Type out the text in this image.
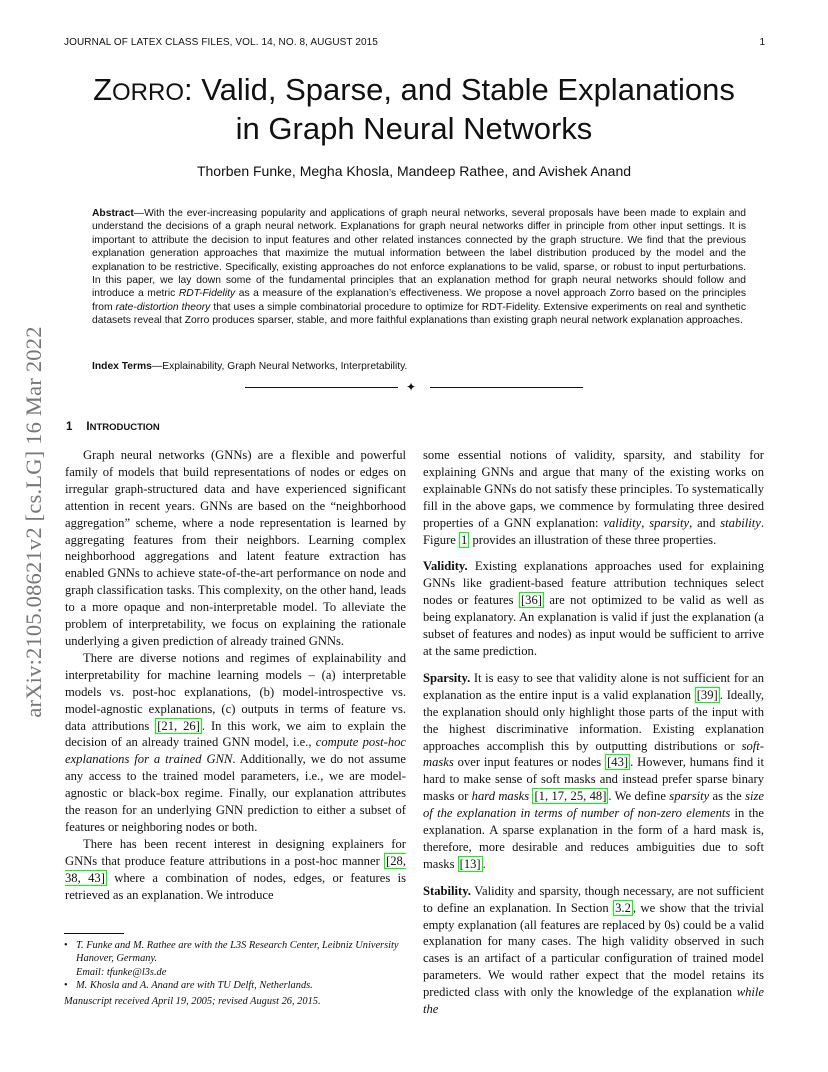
JOURNAL OF LATEX CLASS FILES, VOL. 14, NO. 8, AUGUST 2015	1
arXiv:2105.08621v2 [cs.LG] 16 Mar 2022
ZORRO: Valid, Sparse, and Stable Explanations
in Graph Neural Networks
Thorben Funke, Megha Khosla, Mandeep Rathee, and Avishek Anand
Abstract—With the ever-increasing popularity and applications of graph neural networks, several proposals have been made to explain and understand the decisions of a graph neural network. Explanations for graph neural networks differ in principle from other input settings. It is important to attribute the decision to input features and other related instances connected by the graph structure. We find that the previous explanation generation approaches that maximize the mutual information between the label distribution produced by the model and the explanation to be restrictive. Specifically, existing approaches do not enforce explanations to be valid, sparse, or robust to input perturbations. In this paper, we lay down some of the fundamental principles that an explanation method for graph neural networks should follow and introduce a metric RDT-Fidelity as a measure of the explanation’s effectiveness. We propose a novel approach Zorro based on the principles from rate-distortion theory that uses a simple combinatorial procedure to optimize for RDT-Fidelity. Extensive experiments on real and synthetic datasets reveal that Zorro produces sparser, stable, and more faithful explanations than existing graph neural network explanation approaches.
Index Terms—Explainability, Graph Neural Networks, Interpretability.
✦
1 INTRODUCTION

Graph neural networks (GNNs) are a flexible and powerful family of models that build representations of nodes or edges on irregular graph-structured data and have experienced significant attention in recent years. GNNs are based on the “neighborhood aggregation” scheme, where a node representation is learned by aggregating features from their neighbors. Learning complex neighborhood aggregations and latent feature extraction has enabled GNNs to achieve state-of-the-art performance on node and graph classification tasks. This complexity, on the other hand, leads to a more opaque and non-interpretable model. To alleviate the problem of interpretability, we focus on explaining the rationale underlying a given prediction of already trained GNNs.

There are diverse notions and regimes of explainability and interpretability for machine learning models – (a) interpretable models vs. post-hoc explanations, (b) model-introspective vs. model-agnostic explanations, (c) outputs in terms of feature vs. data attributions [21, 26] . In this work, we aim to explain the decision of an already trained GNN model, i.e., compute post-hoc explanations for a trained GNN. Additionally, we do not assume any access to the trained model parameters, i.e., we are model-agnostic or black-box regime. Finally, our explanation attributes the reason for an underlying GNN prediction to either a subset of features or neighboring nodes or both.

There has been recent interest in designing explainers for GNNs that produce feature attributions in a post-hoc manner [28, 38, 43] where a combination of nodes, edges, or features is retrieved as an explanation. We introduce

• T. Funke and M. Rathee are with the L3S Research Center, Leibniz University Hanover, Germany.
Email: tfunke@l3s.de
• M. Khosla and A. Anand are with TU Delft, Netherlands.
Manuscript received April 19, 2005; revised August 26, 2015.

some essential notions of validity, sparsity, and stability for explaining GNNs and argue that many of the existing works on explainable GNNs do not satisfy these principles. To systematically fill in the above gaps, we commence by formulating three desired properties of a GNN explanation: validity, sparsity, and stability. Figure 1 provides an illustration of these three properties.

Validity. Existing explanations approaches used for explaining GNNs like gradient-based feature attribution techniques select nodes or features [36] are not optimized to be valid as well as being explanatory. An explanation is valid if just the explanation (a subset of features and nodes) as input would be sufficient to arrive at the same prediction.

Sparsity. It is easy to see that validity alone is not sufficient for an explanation as the entire input is a valid explanation [39] . Ideally, the explanation should only highlight those parts of the input with the highest discriminative information. Existing explanation approaches accomplish this by outputting distributions or soft-masks over input features or nodes [43] . However, humans find it hard to make sense of soft masks and instead prefer sparse binary masks or hard masks [1, 17, 25, 48] . We define sparsity as the size of the explanation in terms of number of non-zero elements in the explanation. A sparse explanation in the form of a hard mask is, therefore, more desirable and reduces ambiguities due to soft masks [13] .

Stability. Validity and sparsity, though necessary, are not sufficient to define an explanation. In Section 3.2 , we show that the trivial empty explanation (all features are replaced by 0s) could be a valid explanation for many cases. The high validity observed in such cases is an artifact of a particular configuration of trained model parameters. We would rather expect that the model retains its predicted class with only the knowledge of the explanation while the
